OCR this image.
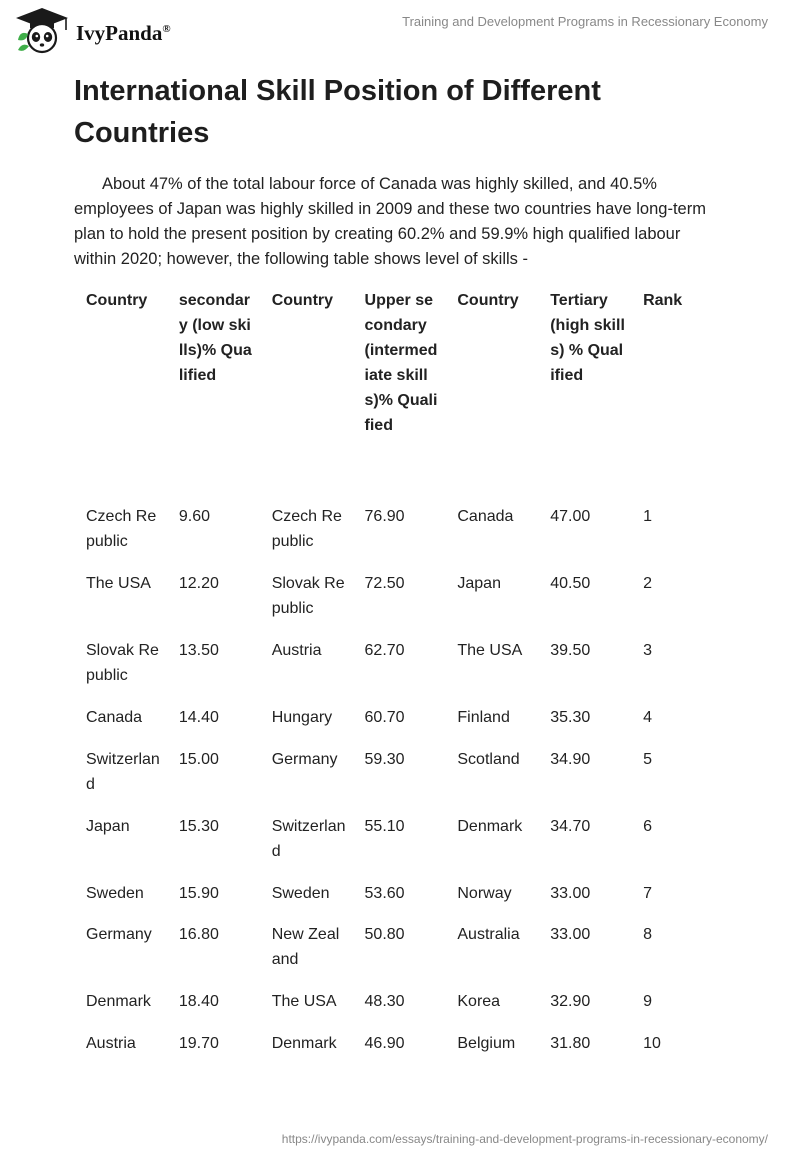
IvyPanda®	Training and Development Programs in Recessionary Economy
International Skill Position of Different Countries

About 47% of the total labour force of Canada was highly skilled, and 40.5% employees of Japan was highly skilled in 2009 and these two countries have long-term plan to hold the present position by creating 60.2% and 59.9% high qualified labour within 2020; however, the following table shows level of skills -

Country	secondary (low skills)% Qualified	Country	Upper secondary (intermediate skills)% Qualified	Country	Tertiary (high skills) % Qualified	Rank
Czech Republic	9.60	Czech Republic	76.90	Canada	47.00	1
The USA	12.20	Slovak Republic	72.50	Japan	40.50	2
Slovak Republic	13.50	Austria	62.70	The USA	39.50	3
Canada	14.40	Hungary	60.70	Finland	35.30	4
Switzerland	15.00	Germany	59.30	Scotland	34.90	5
Japan	15.30	Switzerland	55.10	Denmark	34.70	6
Sweden	15.90	Sweden	53.60	Norway	33.00	7
Germany	16.80	New Zealand	50.80	Australia	33.00	8
Denmark	18.40	The USA	48.30	Korea	32.90	9
Austria	19.70	Denmark	46.90	Belgium	31.80	10
https://ivypanda.com/essays/training-and-development-programs-in-recessionary-economy/
